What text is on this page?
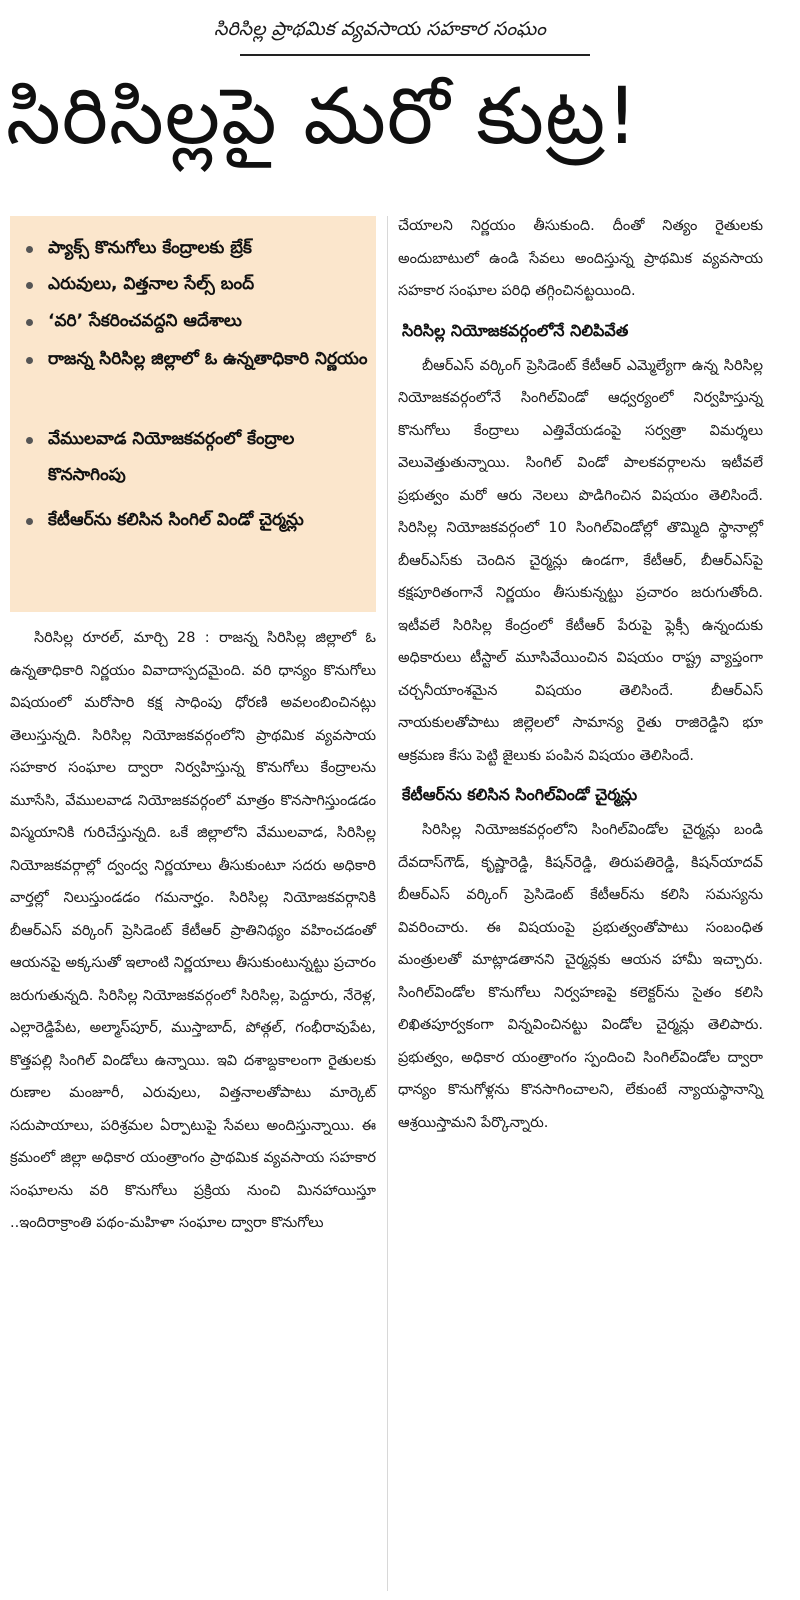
సిరిసిల్ల ప్రాథమిక వ్యవసాయ సహకార సంఘం
సిరిసిల్లపై మరో కుట్ర!
ప్యాక్స్ కొనుగోలు కేంద్రాలకు బ్రేక్
ఎరువులు, విత్తనాల సేల్స్ బంద్
‘వరి’ సేకరించవద్దని ఆదేశాలు
రాజన్న సిరిసిల్ల జిల్లాలో ఓ ఉన్నతాధికారి నిర్ణయం
వేములవాడ నియోజకవర్గంలో కేంద్రాల కొనసాగింపు
కేటీఆర్‌ను కలిసిన సింగిల్ విండో చైర్మన్లు

సిరిసిల్ల రూరల్, మార్చి 28 : రాజన్న సిరిసిల్ల జిల్లాలో ఓ ఉన్నతాధికారి నిర్ణయం వివాదాస్పదమైంది. వరి ధాన్యం కొనుగోలు విషయంలో మరోసారి కక్ష సాధింపు ధోరణి అవలంబించినట్లు తెలుస్తున్నది. సిరిసిల్ల నియోజకవర్గంలోని ప్రాథమిక వ్యవసాయ సహకార సంఘాల ద్వారా నిర్వహిస్తున్న కొనుగోలు కేంద్రాలను మూసేసి, వేములవాడ నియోజకవర్గంలో మాత్రం కొనసాగిస్తుండడం విస్మయానికి గురిచేస్తున్నది. ఒకే జిల్లాలోని వేములవాడ, సిరిసిల్ల నియోజకవర్గాల్లో ద్వంద్వ నిర్ణయాలు తీసుకుంటూ సదరు అధికారి వార్తల్లో నిలుస్తుండడం గమనార్హం. సిరిసిల్ల నియోజకవర్గానికి బీఆర్‌ఎస్ వర్కింగ్ ప్రెసిడెంట్ కేటీఆర్ ప్రాతినిథ్యం వహించడంతో ఆయనపై అక్కసుతో ఇలాంటి నిర్ణయాలు తీసుకుంటున్నట్టు ప్రచారం జరుగుతున్నది. సిరిసిల్ల నియోజకవర్గంలో సిరిసిల్ల, పెద్దూరు, నేరెళ్ల, ఎల్లారెడ్డిపేట, అల్మాస్‌పూర్, ముస్తాబాద్, పోత్గల్, గంభీరావుపేట, కొత్తపల్లి సింగిల్ విండోలు ఉన్నాయి. ఇవి దశాబ్దకాలంగా రైతులకు రుణాల మంజూరీ, ఎరువులు, విత్తనాలతోపాటు మార్కెట్ సదుపాయాలు, పరిశ్రమల ఏర్పాటుపై సేవలు అందిస్తున్నాయి. ఈ క్రమంలో జిల్లా అధికార యంత్రాంగం ప్రాథమిక వ్యవసాయ సహకార సంఘాలను వరి కొనుగోలు ప్రక్రియ నుంచి మినహాయిస్తూ ..ఇందిరాక్రాంతి పథం-మహిళా సంఘాల ద్వారా కొనుగోలు

చేయాలని నిర్ణయం తీసుకుంది. దీంతో నిత్యం రైతులకు అందుబాటులో ఉండి సేవలు అందిస్తున్న ప్రాథమిక వ్యవసాయ సహకార సంఘాల పరిధి తగ్గించినట్టయింది.

సిరిసిల్ల నియోజకవర్గంలోనే నిలిపివేత

బీఆర్‌ఎస్ వర్కింగ్ ప్రెసిడెంట్ కేటీఆర్ ఎమ్మెల్యేగా ఉన్న సిరిసిల్ల నియోజకవర్గంలోనే సింగిల్‌విండో ఆధ్వర్యంలో నిర్వహిస్తున్న కొనుగోలు కేంద్రాలు ఎత్తివేయడంపై సర్వత్రా విమర్శలు వెలువెత్తుతున్నాయి. సింగిల్ విండో పాలకవర్గాలను ఇటీవలే ప్రభుత్వం మరో ఆరు నెలలు పొడిగించిన విషయం తెలిసిందే. సిరిసిల్ల నియోజకవర్గంలో 10 సింగిల్‌విండోల్లో తొమ్మిది స్థానాల్లో బీఆర్‌ఎస్‌కు చెందిన చైర్మన్లు ఉండగా, కేటీఆర్, బీఆర్‌ఎస్‌పై కక్షపూరితంగానే నిర్ణయం తీసుకున్నట్టు ప్రచారం జరుగుతోంది. ఇటీవలే సిరిసిల్ల కేంద్రంలో కేటీఆర్ పేరుపై ఫ్లెక్సీ ఉన్నందుకు అధికారులు టీస్టాల్ మూసివేయించిన విషయం రాష్ట్ర వ్యాప్తంగా చర్చనీయాంశమైన విషయం తెలిసిందే. బీఆర్‌ఎస్ నాయకులతోపాటు జిల్లెలలో సామాన్య రైతు రాజిరెడ్డిని భూ ఆక్రమణ కేసు పెట్టి జైలుకు పంపిన విషయం తెలిసిందే.

కేటీఆర్‌ను కలిసిన సింగిల్‌విండో చైర్మన్లు

సిరిసిల్ల నియోజకవర్గంలోని సింగిల్‌విండోల చైర్మన్లు బండి దేవదాస్‌గౌడ్, కృష్ణారెడ్డి, కిషన్‌రెడ్డి, తిరుపతిరెడ్డి, కిషన్‌యాదవ్ బీఆర్‌ఎస్ వర్కింగ్ ప్రెసిడెంట్ కేటీఆర్‌ను కలిసి సమస్యను వివరించారు. ఈ విషయంపై ప్రభుత్వంతోపాటు సంబంధిత మంత్రులతో మాట్లాడతానని చైర్మన్లకు ఆయన హామీ ఇచ్చారు. సింగిల్‌విండోల కొనుగోలు నిర్వహణపై కలెక్టర్‌ను సైతం కలిసి లిఖితపూర్వకంగా విన్నవించినట్టు విండోల చైర్మన్లు తెలిపారు. ప్రభుత్వం, అధికార యంత్రాంగం స్పందించి సింగిల్‌విండోల ద్వారా ధాన్యం కొనుగోళ్లను కొనసాగించాలని, లేకుంటే న్యాయస్థానాన్ని ఆశ్రయిస్తామని పేర్కొన్నారు.
